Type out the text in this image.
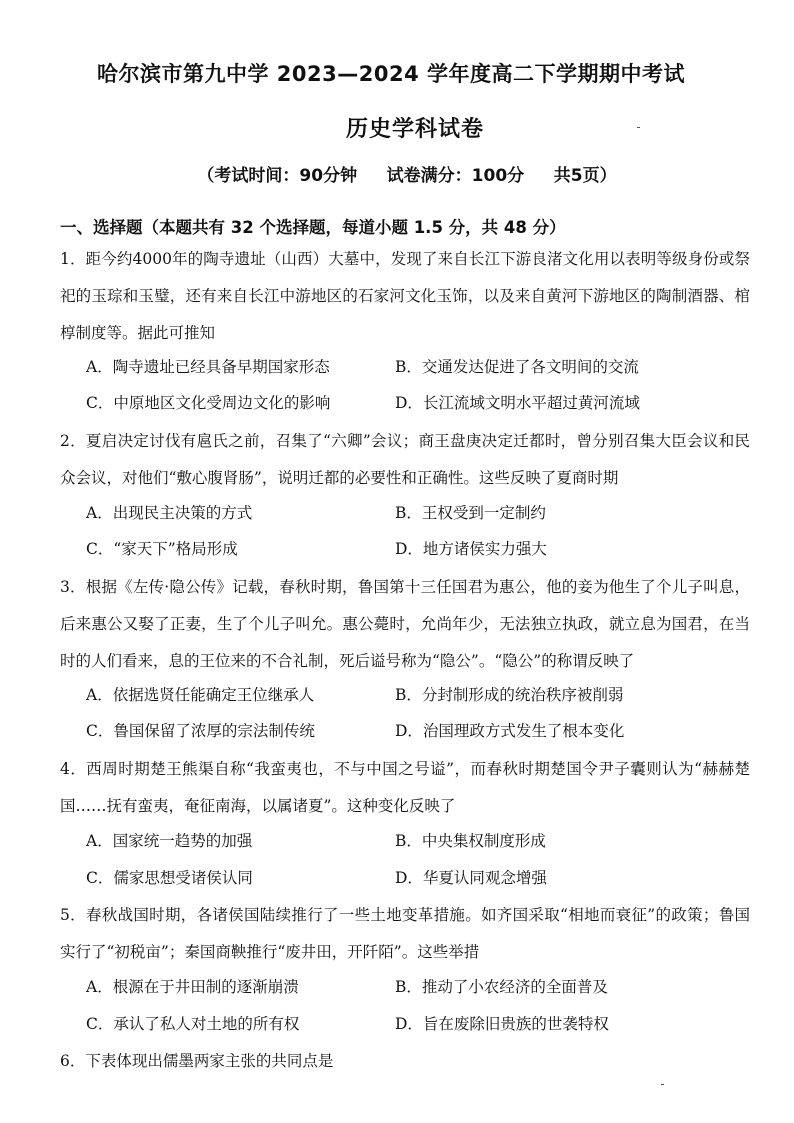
哈尔滨市第九中学 2023—2024 学年度高二下学期期中考试
历史学科试卷
（考试时间：90分钟     试卷满分：100分     共5页）
一、选择题（本题共有 32 个选择题，每道小题 1.5 分，共 48 分）
1．距今约4000年的陶寺遗址（山西）大墓中，发现了来自长江下游良渚文化用以表明等级身份或祭祀的玉琮和玉璧，还有来自长江中游地区的石家河文化玉饰，以及来自黄河下游地区的陶制酒器、棺椁制度等。据此可推知
A．陶寺遗址已经具备早期国家形态	B．交通发达促进了各文明间的交流
C．中原地区文化受周边文化的影响	D．长江流域文明水平超过黄河流域
2．夏启决定讨伐有扈氏之前，召集了“六卿”会议；商王盘庚决定迁都时，曾分别召集大臣会议和民众会议，对他们“敷心腹肾肠”，说明迁都的必要性和正确性。这些反映了夏商时期
A．出现民主决策的方式	B．王权受到一定制约
C．“家天下”格局形成	D．地方诸侯实力强大
3．根据《左传·隐公传》记载，春秋时期，鲁国第十三任国君为惠公，他的妾为他生了个儿子叫息，后来惠公又娶了正妻，生了个儿子叫允。惠公薨时，允尚年少，无法独立执政，就立息为国君，在当时的人们看来，息的王位来的不合礼制，死后谥号称为“隐公”。“隐公”的称谓反映了
A．依据选贤任能确定王位继承人	B．分封制形成的统治秩序被削弱
C．鲁国保留了浓厚的宗法制传统	D．治国理政方式发生了根本变化
4．西周时期楚王熊渠自称“我蛮夷也，不与中国之号谥”，而春秋时期楚国令尹子囊则认为“赫赫楚国……抚有蛮夷，奄征南海，以属诸夏”。这种变化反映了
A．国家统一趋势的加强	B．中央集权制度形成
C．儒家思想受诸侯认同	D．华夏认同观念增强
5．春秋战国时期，各诸侯国陆续推行了一些土地变革措施。如齐国采取“相地而衰征”的政策；鲁国实行了“初税亩”；秦国商鞅推行“废井田，开阡陌”。这些举措
A．根源在于井田制的逐渐崩溃	B．推动了小农经济的全面普及
C．承认了私人对土地的所有权	D．旨在废除旧贵族的世袭特权
6．下表体现出儒墨两家主张的共同点是
